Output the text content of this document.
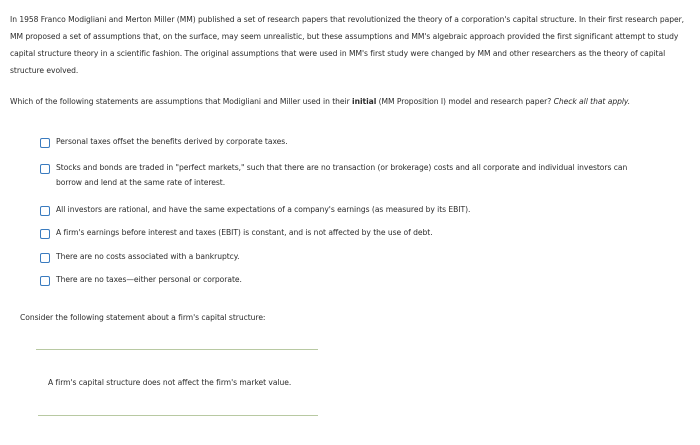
In 1958 Franco Modigliani and Merton Miller (MM) published a set of research papers that revolutionized the theory of a corporation's capital structure. In their first research paper, MM proposed a set of assumptions that, on the surface, may seem unrealistic, but these assumptions and MM's algebraic approach provided the first significant attempt to study capital structure theory in a scientific fashion. The original assumptions that were used in MM's first study were changed by MM and other researchers as the theory of capital structure evolved.

Which of the following statements are assumptions that Modigliani and Miller used in their initial (MM Proposition I) model and research paper? Check all that apply.

Personal taxes offset the benefits derived by corporate taxes.
Stocks and bonds are traded in "perfect markets," such that there are no transaction (or brokerage) costs and all corporate and individual investors can borrow and lend at the same rate of interest.
All investors are rational, and have the same expectations of a company's earnings (as measured by its EBIT).
A firm's earnings before interest and taxes (EBIT) is constant, and is not affected by the use of debt.
There are no costs associated with a bankruptcy.
There are no taxes—either personal or corporate.

Consider the following statement about a firm's capital structure:

A firm's capital structure does not affect the firm's market value.
